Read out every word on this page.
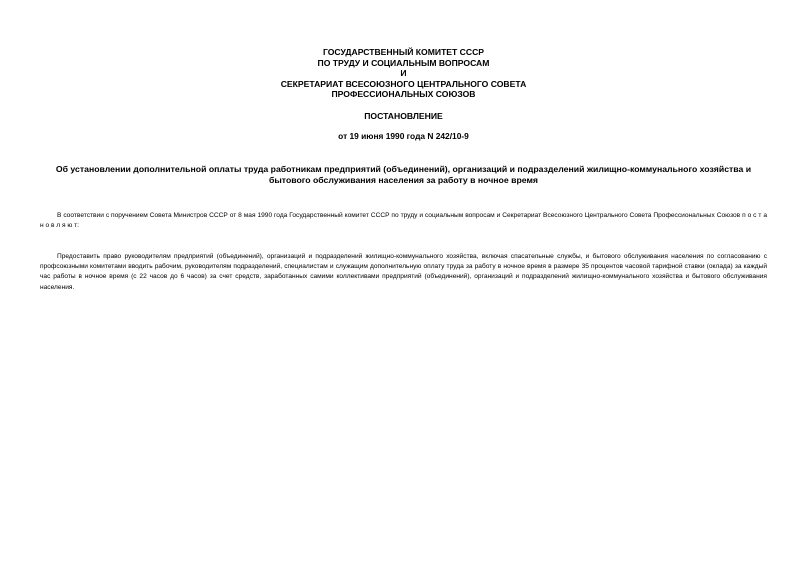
ГОСУДАРСТВЕННЫЙ КОМИТЕТ СССР
ПО ТРУДУ И СОЦИАЛЬНЫМ ВОПРОСАМ
И
СЕКРЕТАРИАТ ВСЕСОЮЗНОГО ЦЕНТРАЛЬНОГО СОВЕТА
ПРОФЕССИОНАЛЬНЫХ СОЮЗОВ
ПОСТАНОВЛЕНИЕ
от 19 июня 1990 года N 242/10-9
Об установлении дополнительной оплаты труда работникам предприятий (объединений), организаций и подразделений жилищно-коммунального хозяйства и бытового обслуживания населения за работу в ночное время

В соответствии с поручением Совета Министров СССР от 8 мая 1990 года Государственный комитет СССР по труду и социальным вопросам и Секретариат Всесоюзного Центрального Совета Профессиональных Союзов п о с т а н о в л я ю т:

Предоставить право руководителям предприятий (объединений), организаций и подразделений жилищно-коммунального хозяйства, включая спасательные службы, и бытового обслуживания населения по согласованию с профсоюзными комитетами вводить рабочим, руководителям подразделений, специалистам и служащим дополнительную оплату труда за работу в ночное время в размере 35 процентов часовой тарифной ставки (оклада) за каждый час работы в ночное время (с 22 часов до 6 часов) за счет средств, заработанных самими коллективами предприятий (объединений), организаций и подразделений жилищно-коммунального хозяйства и бытового обслуживания населения.
